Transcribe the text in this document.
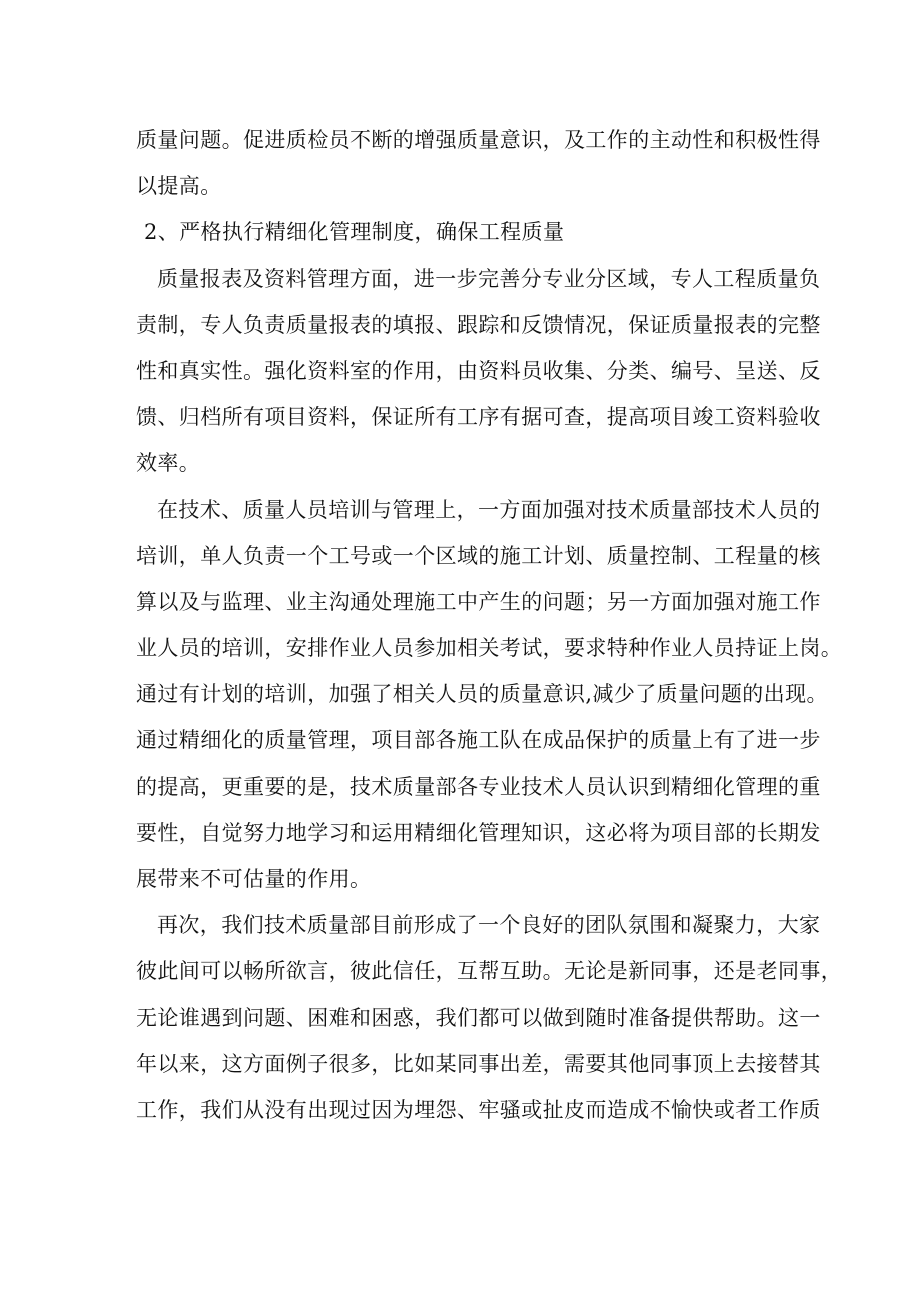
质量问题。促进质检员不断的增强质量意识，及工作的主动性和积极性得
以提高。
2、严格执行精细化管理制度，确保工程质量
质量报表及资料管理方面，进一步完善分专业分区域，专人工程质量负
责制，专人负责质量报表的填报、跟踪和反馈情况，保证质量报表的完整
性和真实性。强化资料室的作用，由资料员收集、分类、编号、呈送、反
馈、归档所有项目资料，保证所有工序有据可查，提高项目竣工资料验收
效率。
在技术、质量人员培训与管理上，一方面加强对技术质量部技术人员的
培训，单人负责一个工号或一个区域的施工计划、质量控制、工程量的核
算以及与监理、业主沟通处理施工中产生的问题；另一方面加强对施工作
业人员的培训，安排作业人员参加相关考试，要求特种作业人员持证上岗。
通过有计划的培训，加强了相关人员的质量意识,减少了质量问题的出现。
通过精细化的质量管理，项目部各施工队在成品保护的质量上有了进一步
的提高，更重要的是，技术质量部各专业技术人员认识到精细化管理的重
要性，自觉努力地学习和运用精细化管理知识，这必将为项目部的长期发
展带来不可估量的作用。
再次，我们技术质量部目前形成了一个良好的团队氛围和凝聚力，大家
彼此间可以畅所欲言，彼此信任，互帮互助。无论是新同事，还是老同事，
无论谁遇到问题、困难和困惑，我们都可以做到随时准备提供帮助。这一
年以来，这方面例子很多，比如某同事出差，需要其他同事顶上去接替其
工作，我们从没有出现过因为埋怨、牢骚或扯皮而造成不愉快或者工作质
